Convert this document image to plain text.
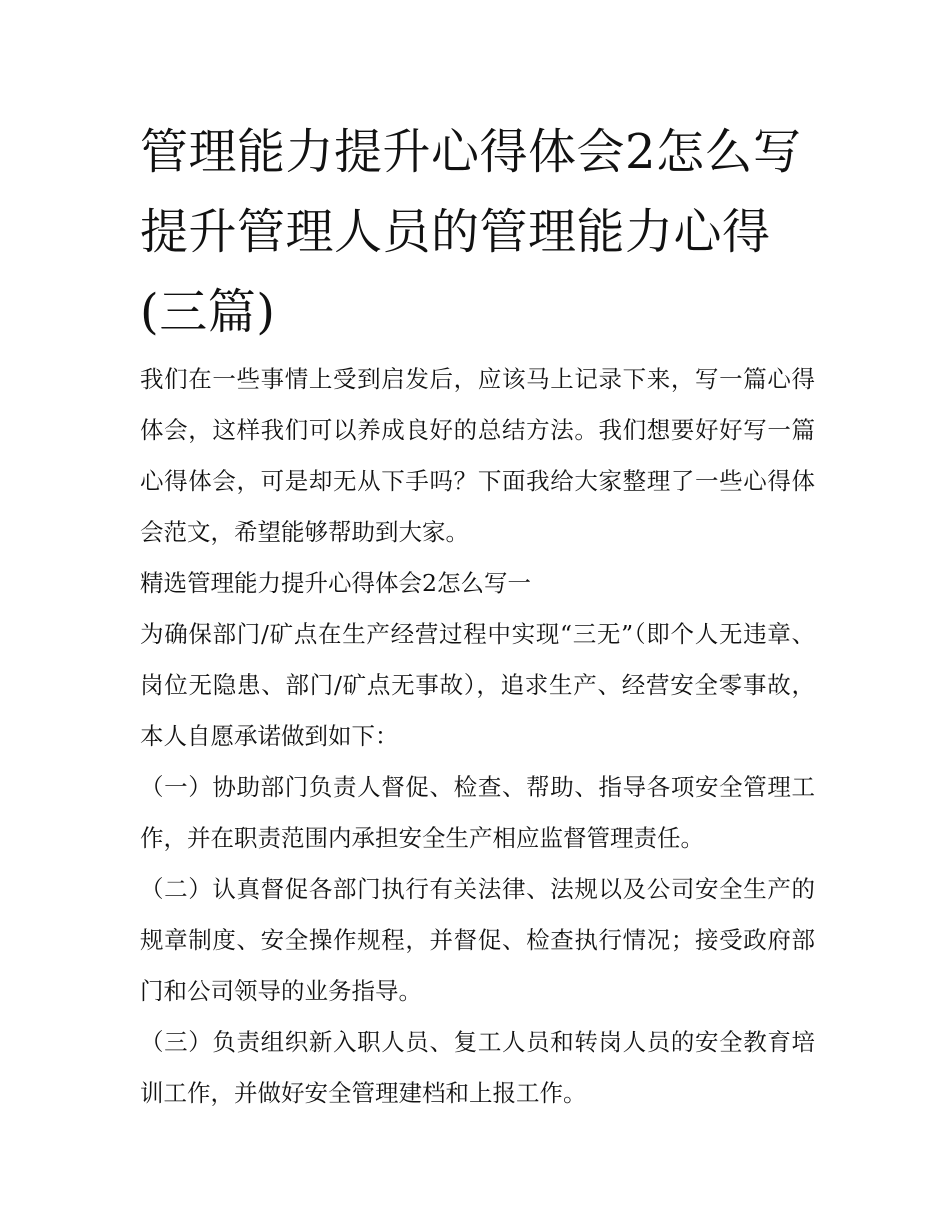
管理能力提升心得体会2怎么写 提升管理人员的管理能力心得(三篇)

我们在一些事情上受到启发后，应该马上记录下来，写一篇心得体会，这样我们可以养成良好的总结方法。我们想要好好写一篇心得体会，可是却无从下手吗？下面我给大家整理了一些心得体会范文，希望能够帮助到大家。

精选管理能力提升心得体会2怎么写一

为确保部门/矿点在生产经营过程中实现“三无”（即个人无违章、岗位无隐患、部门/矿点无事故），追求生产、经营安全零事故，本人自愿承诺做到如下：

（一）协助部门负责人督促、检查、帮助、指导各项安全管理工作，并在职责范围内承担安全生产相应监督管理责任。

（二）认真督促各部门执行有关法律、法规以及公司安全生产的规章制度、安全操作规程，并督促、检查执行情况；接受政府部门和公司领导的业务指导。

（三）负责组织新入职人员、复工人员和转岗人员的安全教育培训工作，并做好安全管理建档和上报工作。
